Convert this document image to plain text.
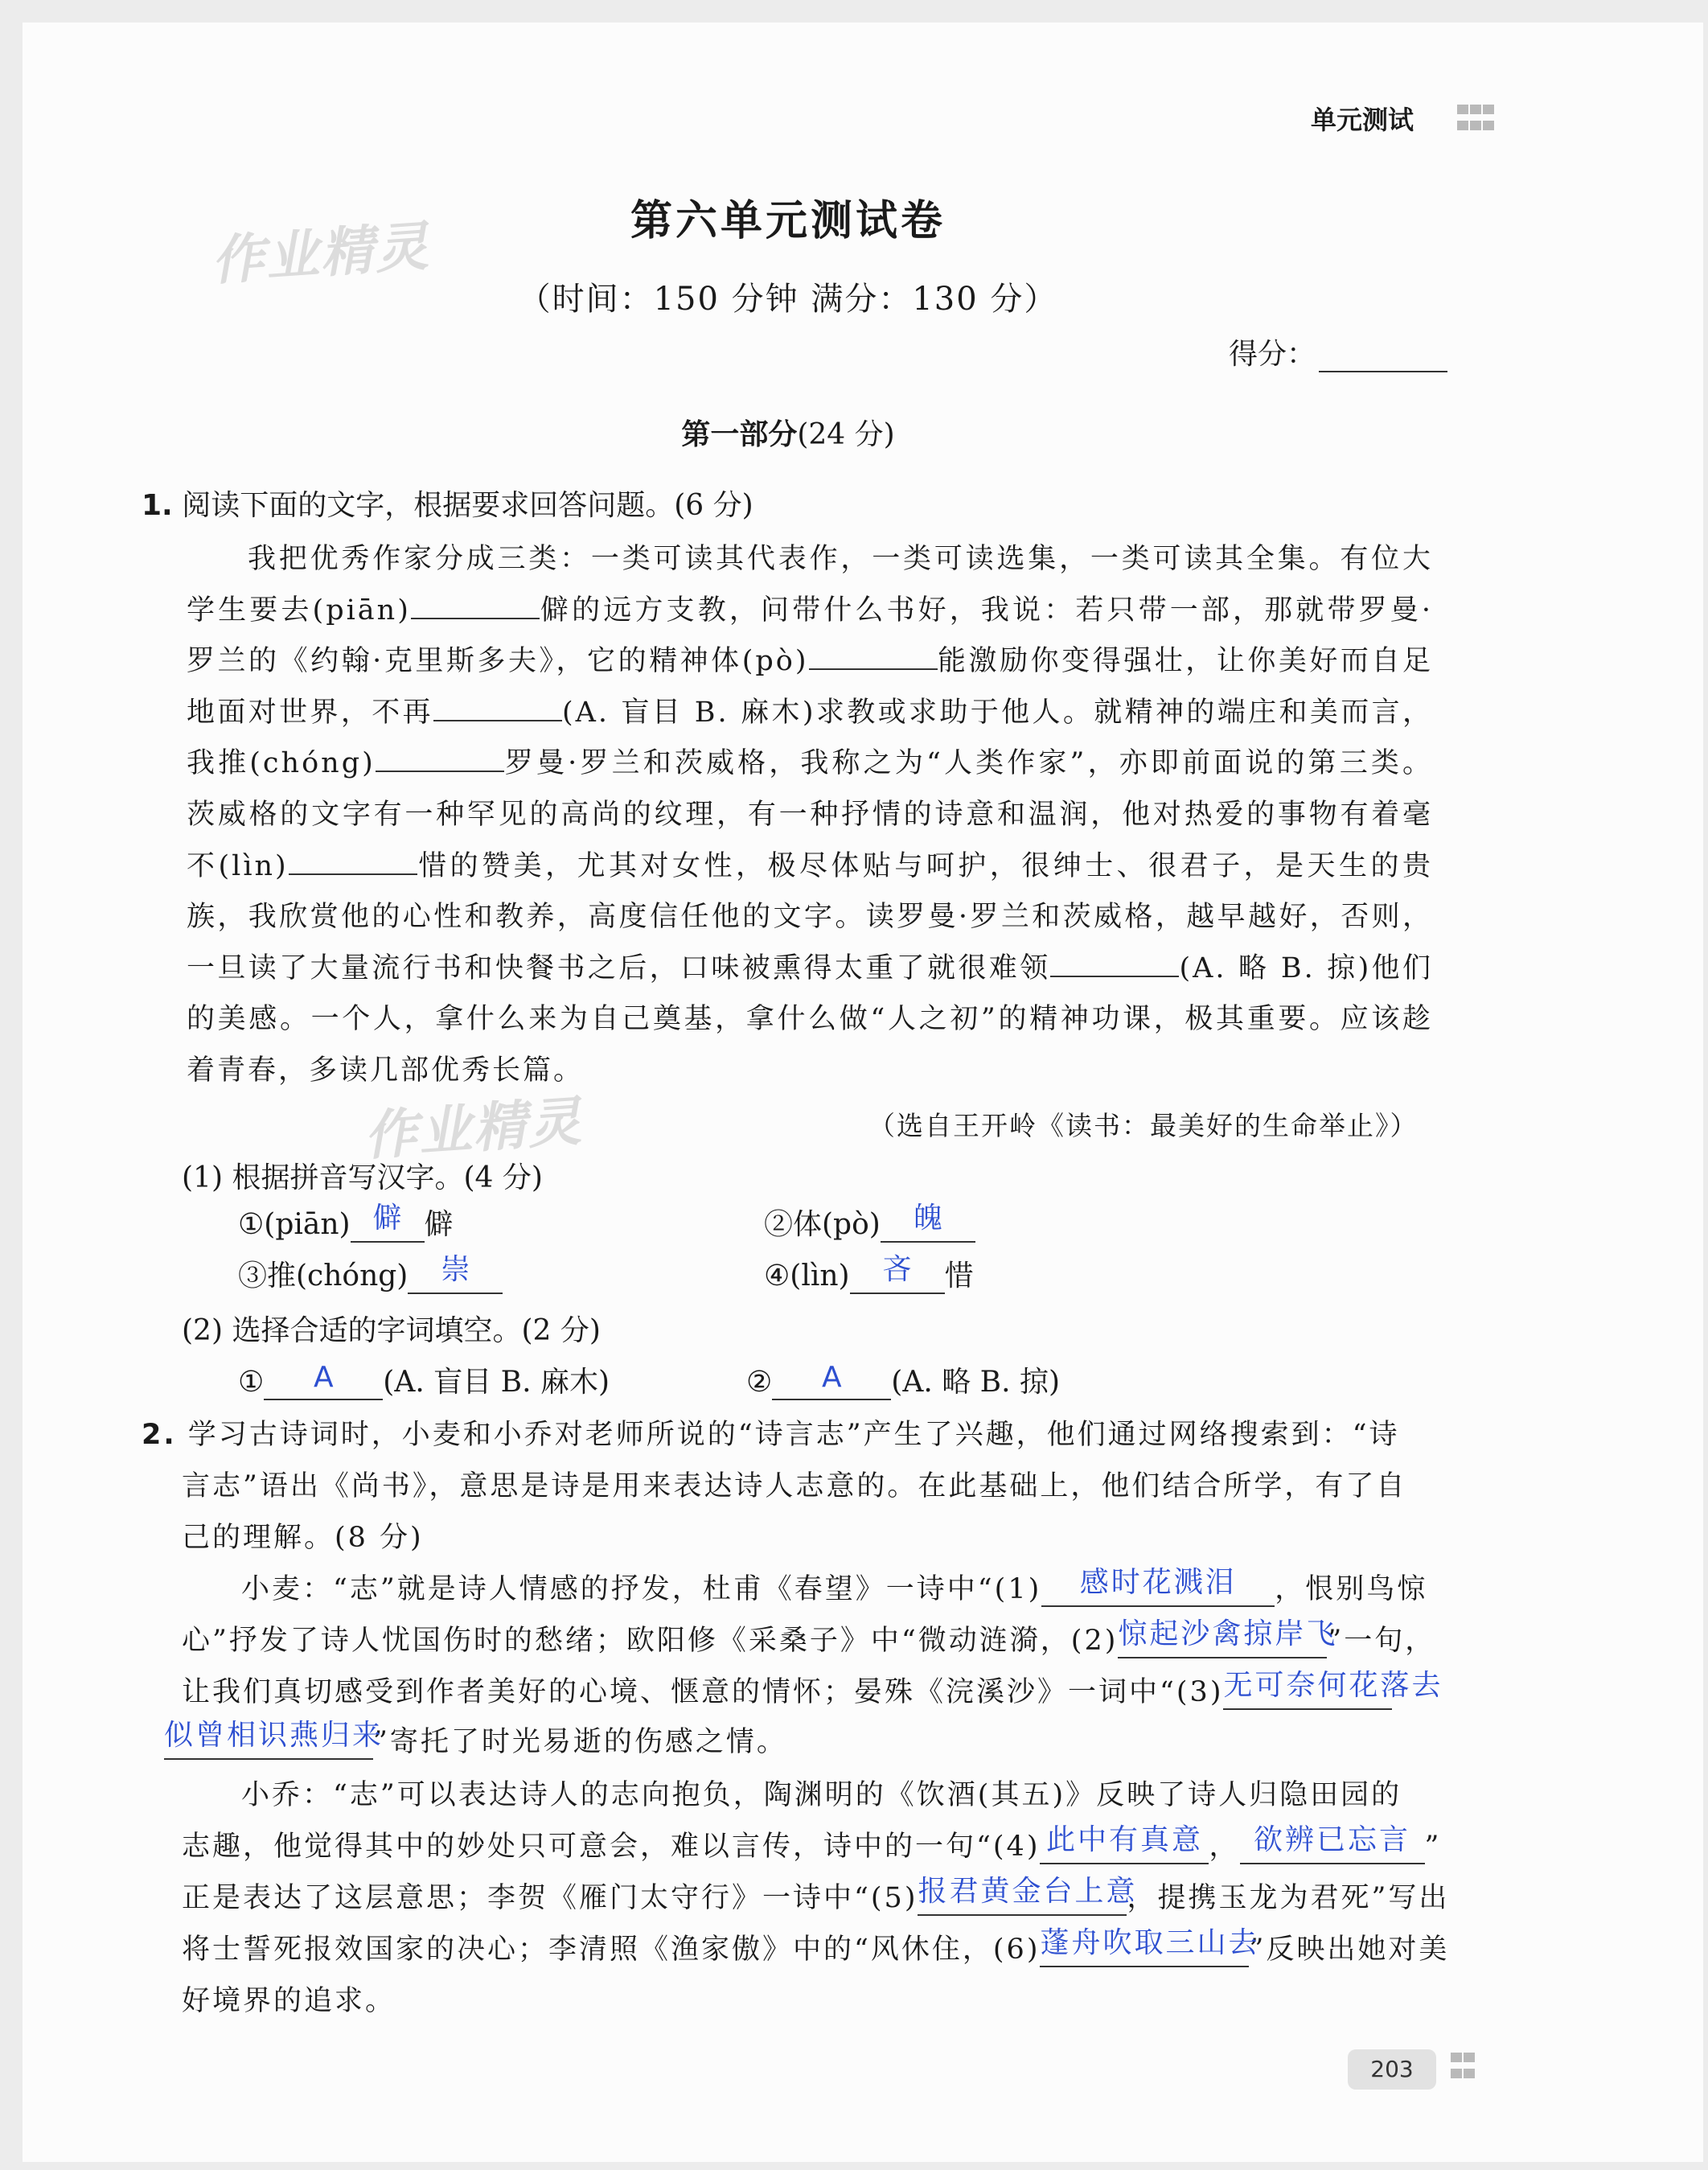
单元测试

作业精灵
作业精灵
第六单元测试卷
（时间：150 分钟 满分：130 分）
得分：
第一部分(24 分)
1. 阅读下面的文字，根据要求回答问题。(6 分)

我把优秀作家分成三类：一类可读其代表作，一类可读选集，一类可读其全集。有位大学生要去(piān)	僻的远方支教，问带什么书好，我说：若只带一部，那就带罗曼·罗兰的《约翰·克里斯多夫》，它的精神体(pò)	能激励你变得强壮，让你美好而自足地面对世界，不再	(A. 盲目 B. 麻木)求教或求助于他人。就精神的端庄和美而言，我推(chóng)	罗曼·罗兰和茨威格，我称之为“人类作家”，亦即前面说的第三类。茨威格的文字有一种罕见的高尚的纹理，有一种抒情的诗意和温润，他对热爱的事物有着毫不(lìn)	惜的赞美，尤其对女性，极尽体贴与呵护，很绅士、很君子，是天生的贵族，我欣赏他的心性和教养，高度信任他的文字。读罗曼·罗兰和茨威格，越早越好，否则，一旦读了大量流行书和快餐书之后，口味被熏得太重了就很难领	(A. 略 B. 掠)他们的美感。一个人，拿什么来为自己奠基，拿什么做“人之初”的精神功课，极其重要。应该趁着青春，多读几部优秀长篇。

（选自王开岭《读书：最美好的生命举止》）
(1) 根据拼音写汉字。(4 分)
①(piān) 僻 僻	②体(pò)	魄
③推(chóng)	崇	④(lìn)	吝	惜
(2) 选择合适的字词填空。(2 分)
①	A	(A. 盲目 B. 麻木)	②	A	(A. 略 B. 掠)
2. 学习古诗词时，小麦和小乔对老师所说的“诗言志”产生了兴趣，他们通过网络搜索到：“诗
言志”语出《尚书》，意思是诗是用来表达诗人志意的。在此基础上，他们结合所学，有了自
己的理解。(8 分)
小麦：“志”就是诗人情感的抒发，杜甫《春望》一诗中“(1)	感时花溅泪	，恨别鸟惊
心”抒发了诗人忧国伤时的愁绪；欧阳修《采桑子》中“微动涟漪，(2) 惊起沙禽掠岸飞
”一句，
让我们真切感受到作者美好的心境、惬意的情怀；晏殊《浣溪沙》一词中“(3) 无可奈何花落去
似曾相识燕归来
”寄托了时光易逝的伤感之情。
小乔：“志”可以表达诗人的志向抱负，陶渊明的《饮酒(其五)》反映了诗人归隐田园的
志趣，他觉得其中的妙处只可意会，难以言传，诗中的一句“(4) 此中有真意 ， 欲辨已忘言 ”
正是表达了这层意思；李贺《雁门太守行》一诗中“(5) 报君黄金台上意
，提携玉龙为君死”写出
将士誓死报效国家的决心；李清照《渔家傲》中的“风休住，(6) 蓬舟吹取三山去
”反映出她对美
好境界的追求。
203
